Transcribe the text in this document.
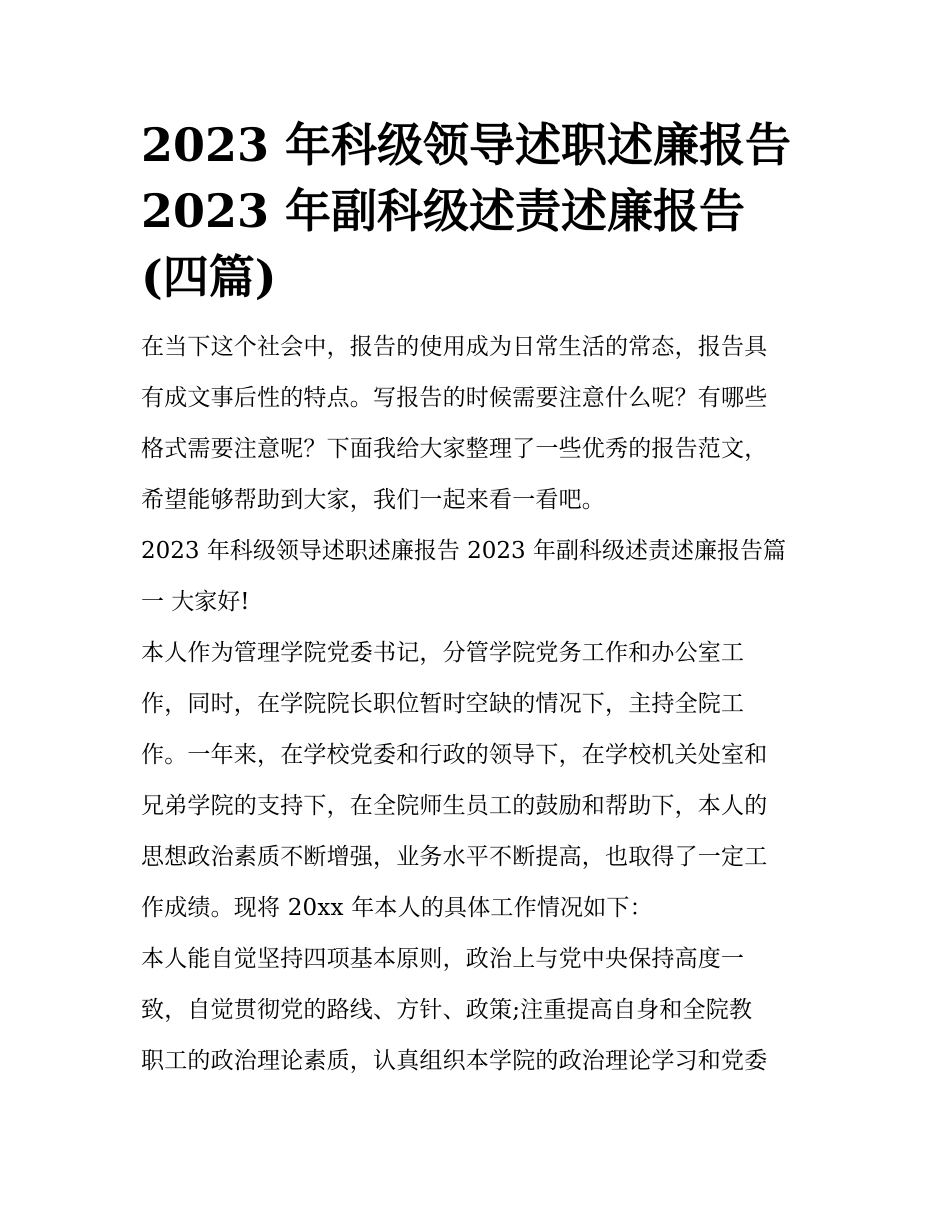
2023 年科级领导述职述廉报告
2023 年副科级述责述廉报告
(四篇)
在当下这个社会中，报告的使用成为日常生活的常态，报告具
有成文事后性的特点。写报告的时候需要注意什么呢？有哪些
格式需要注意呢？下面我给大家整理了一些优秀的报告范文，
希望能够帮助到大家，我们一起来看一看吧。
2023 年科级领导述职述廉报告 2023 年副科级述责述廉报告篇
一 大家好!
本人作为管理学院党委书记，分管学院党务工作和办公室工
作，同时，在学院院长职位暂时空缺的情况下，主持全院工
作。一年来，在学校党委和行政的领导下，在学校机关处室和
兄弟学院的支持下，在全院师生员工的鼓励和帮助下，本人的
思想政治素质不断增强，业务水平不断提高，也取得了一定工
作成绩。现将 20xx 年本人的具体工作情况如下：
本人能自觉坚持四项基本原则，政治上与党中央保持高度一
致，自觉贯彻党的路线、方针、政策;注重提高自身和全院教
职工的政治理论素质，认真组织本学院的政治理论学习和党委
